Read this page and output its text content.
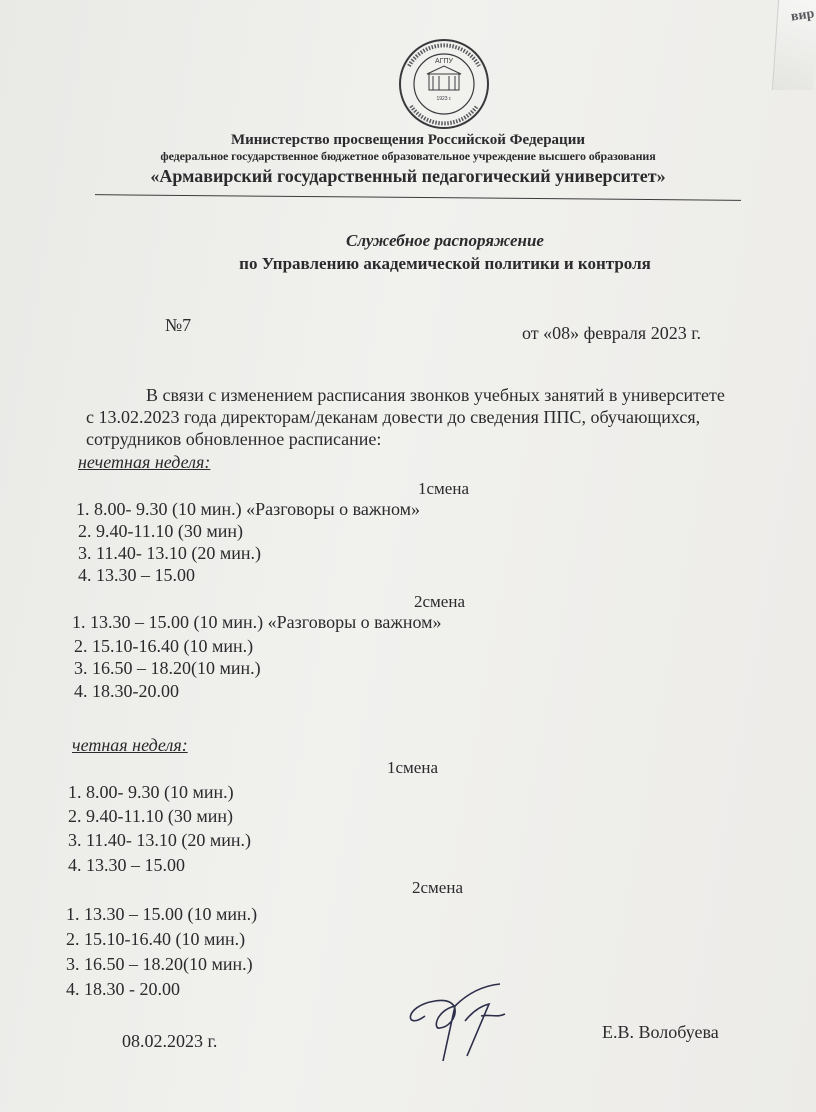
вир
АГПУ
1923 г.
Министерство просвещения Российской Федерации
федеральное государственное бюджетное образовательное учреждение высшего образования
«Армавирский государственный педагогический университет»
Служебное распоряжение
по Управлению академической политики и контроля
№7	от «08» февраля 2023 г.
В связи с изменением расписания звонков учебных занятий в университете
с 13.02.2023 года директорам/деканам довести до сведения ППС, обучающихся,
сотрудников обновленное расписание:
нечетная неделя:
1смена
1. 8.00- 9.30 (10 мин.) «Разговоры о важном»
2. 9.40-11.10 (30 мин)
3. 11.40- 13.10 (20 мин.)
4. 13.30 – 15.00
2смена
1. 13.30 – 15.00 (10 мин.) «Разговоры о важном»
2. 15.10-16.40 (10 мин.)
3. 16.50 – 18.20(10 мин.)
4. 18.30-20.00
четная неделя:
1смена
1. 8.00- 9.30 (10 мин.)
2. 9.40-11.10 (30 мин)
3. 11.40- 13.10 (20 мин.)
4. 13.30 – 15.00
2смена
1. 13.30 – 15.00 (10 мин.)
2. 15.10-16.40 (10 мин.)
3. 16.50 – 18.20(10 мин.)
4. 18.30 - 20.00
08.02.2023 г.	Е.В. Волобуева
